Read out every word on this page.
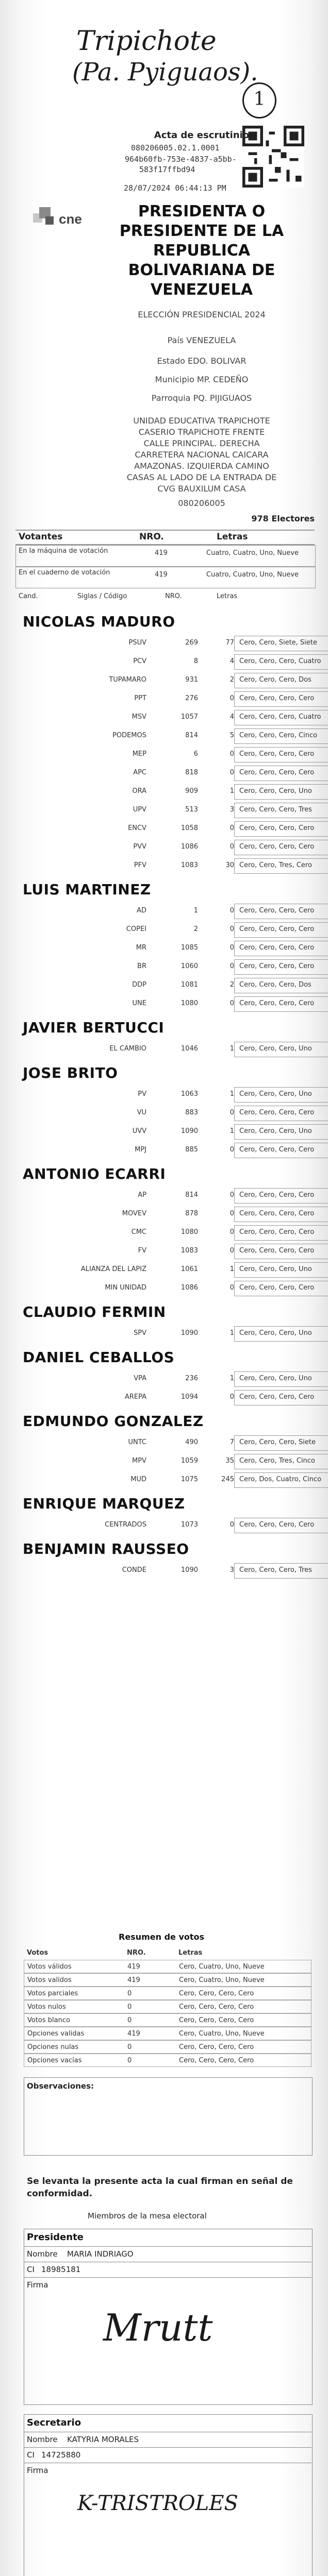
Tripichote
(Pa. Pyiguaos).
1
cne
Acta de escrutinio
080206005.02.1.0001
964b60fb-753e-4837-a5bb-
583f17ffbd94
28/07/2024 06:44:13 PM
PRESIDENTA O
PRESIDENTE DE LA
REPUBLICA
BOLIVARIANA DE
VENEZUELA
ELECCIÓN PRESIDENCIAL 2024
País VENEZUELA
Estado EDO. BOLIVAR
Municipio MP. CEDEÑO
Parroquia PQ. PIJIGUAOS
UNIDAD EDUCATIVA TRAPICHOTE
CASERIO TRAPICHOTE FRENTE
CALLE PRINCIPAL. DERECHA
CARRETERA NACIONAL CAICARA
AMAZONAS. IZQUIERDA CAMINO
CASAS AL LADO DE LA ENTRADA DE
CVG BAUXILUM CASA
080206005
978 Electores
Votantes	NRO.	Letras
En la máquina de votación	419	Cuatro, Cuatro, Uno, Nueve
En el cuaderno de votación	419	Cuatro, Cuatro, Uno, Nueve
Cand.	Siglas / Código	NRO.	Letras
NICOLAS MADURO
PSUV	269	77 Cero, Cero, Siete, Siete
PCV	8	4 Cero, Cero, Cero, Cuatro
TUPAMARO	931	2 Cero, Cero, Cero, Dos
PPT	276	0 Cero, Cero, Cero, Cero
MSV	1057	4 Cero, Cero, Cero, Cuatro
PODEMOS	814	5 Cero, Cero, Cero, Cinco
MEP	6	0 Cero, Cero, Cero, Cero
APC	818	0 Cero, Cero, Cero, Cero
ORA	909	1 Cero, Cero, Cero, Uno
UPV	513	3 Cero, Cero, Cero, Tres
ENCV	1058	0 Cero, Cero, Cero, Cero
PVV	1086	0 Cero, Cero, Cero, Cero
PFV	1083	30 Cero, Cero, Tres, Cero
LUIS MARTINEZ
AD	1	0 Cero, Cero, Cero, Cero
COPEI	2	0 Cero, Cero, Cero, Cero
MR	1085	0 Cero, Cero, Cero, Cero
BR	1060	0 Cero, Cero, Cero, Cero
DDP	1081	2 Cero, Cero, Cero, Dos
UNE	1080	0 Cero, Cero, Cero, Cero
JAVIER BERTUCCI
EL CAMBIO	1046	1 Cero, Cero, Cero, Uno
JOSE BRITO
PV	1063	1 Cero, Cero, Cero, Uno
VU	883	0 Cero, Cero, Cero, Cero
UVV	1090	1 Cero, Cero, Cero, Uno
MPJ	885	0 Cero, Cero, Cero, Cero
ANTONIO ECARRI
AP	814	0 Cero, Cero, Cero, Cero
MOVEV	878	0 Cero, Cero, Cero, Cero
CMC	1080	0 Cero, Cero, Cero, Cero
FV	1083	0 Cero, Cero, Cero, Cero
ALIANZA DEL LAPIZ	1061	1 Cero, Cero, Cero, Uno
MIN UNIDAD	1086	0 Cero, Cero, Cero, Cero
CLAUDIO FERMIN
SPV	1090	1 Cero, Cero, Cero, Uno
DANIEL CEBALLOS
VPA	236	1 Cero, Cero, Cero, Uno
AREPA	1094	0 Cero, Cero, Cero, Cero
EDMUNDO GONZALEZ
UNTC	490	7 Cero, Cero, Cero, Siete
MPV	1059	35 Cero, Cero, Tres, Cinco
MUD	1075	245 Cero, Dos, Cuatro, Cinco
ENRIQUE MARQUEZ
CENTRADOS	1073	0 Cero, Cero, Cero, Cero
BENJAMIN RAUSSEO
CONDE	1090	3 Cero, Cero, Cero, Tres
Resumen de votos
Votos	NRO.	Letras
Votos válidos	419	Cero, Cuatro, Uno, Nueve
Votos validos	419	Cero, Cuatro, Uno, Nueve
Votos parciales	0	Cero, Cero, Cero, Cero
Votos nulos	0	Cero, Cero, Cero, Cero
Votos blanco	0	Cero, Cero, Cero, Cero
Opciones validas	419	Cero, Cuatro, Uno, Nueve
Opciones nulas	0	Cero, Cero, Cero, Cero
Opciones vacías	0	Cero, Cero, Cero, Cero
Observaciones:
Se levanta la presente acta la cual firman en señal de conformidad.
Miembros de la mesa electoral
Presidente
Nombre MARIA INDRIAGO
CI 18985181
Firma
Mrutt
Secretario
Nombre KATYRIA MORALES
CI 14725880
Firma
K-TRISTROLES
